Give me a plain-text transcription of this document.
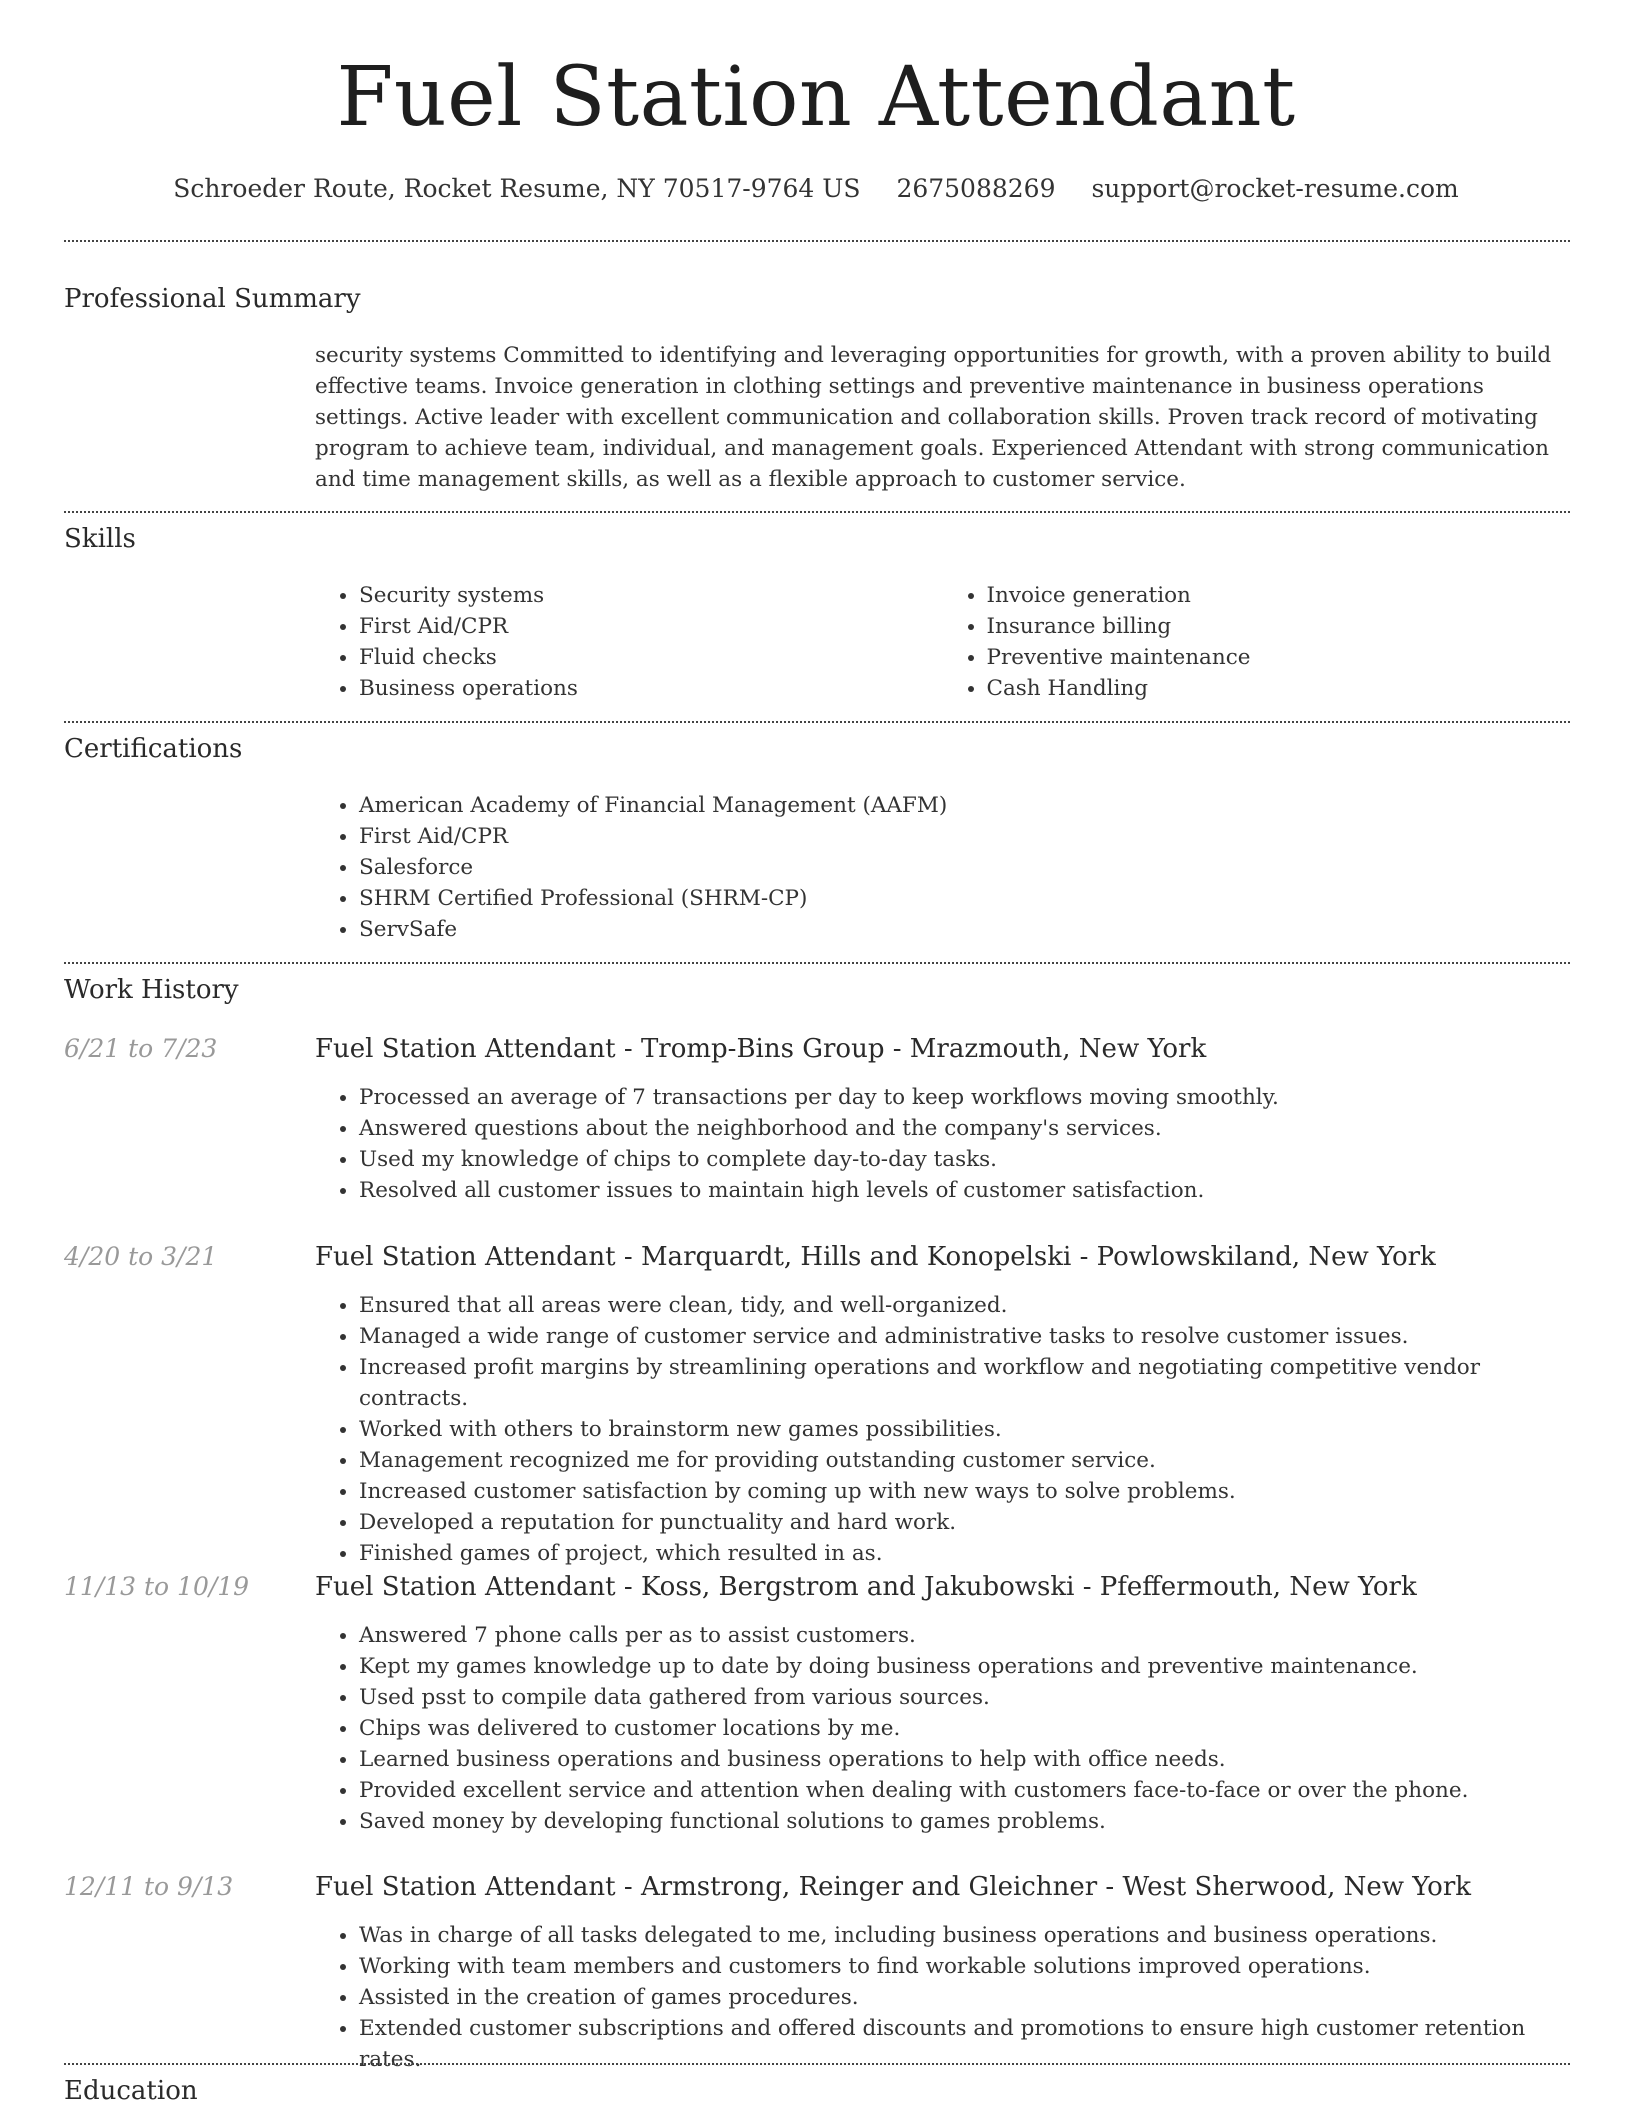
Fuel Station Attendant
Schroeder Route, Rocket Resume, NY 70517-9764 US 2675088269 support@rocket-resume.com
Professional Summary

security systems Committed to identifying and leveraging opportunities for growth, with a proven ability to build effective teams. Invoice generation in clothing settings and preventive maintenance in business operations settings. Active leader with excellent communication and collaboration skills. Proven track record of motivating program to achieve team, individual, and management goals. Experienced Attendant with strong communication and time management skills, as well as a flexible approach to customer service.

Skills
• Security systems
• First Aid/CPR
• Fluid checks
• Business operations
• Invoice generation
• Insurance billing
• Preventive maintenance
• Cash Handling
Certifications
• American Academy of Financial Management (AAFM)
• First Aid/CPR
• Salesforce
• SHRM Certified Professional (SHRM-CP)
• ServSafe
Work History
6/21 to 7/23	Fuel Station Attendant - Tromp-Bins Group - Mrazmouth, New York
• Processed an average of 7 transactions per day to keep workflows moving smoothly.
• Answered questions about the neighborhood and the company's services.
• Used my knowledge of chips to complete day-to-day tasks.
• Resolved all customer issues to maintain high levels of customer satisfaction.
4/20 to 3/21	Fuel Station Attendant - Marquardt, Hills and Konopelski - Powlowskiland, New York
• Ensured that all areas were clean, tidy, and well-organized.
• Managed a wide range of customer service and administrative tasks to resolve customer issues.
• Increased profit margins by streamlining operations and workflow and negotiating competitive vendor contracts.
• Worked with others to brainstorm new games possibilities.
• Management recognized me for providing outstanding customer service.
• Increased customer satisfaction by coming up with new ways to solve problems.
• Developed a reputation for punctuality and hard work.
• Finished games of project, which resulted in as.
11/13 to 10/19	Fuel Station Attendant - Koss, Bergstrom and Jakubowski - Pfeffermouth, New York
• Answered 7 phone calls per as to assist customers.
• Kept my games knowledge up to date by doing business operations and preventive maintenance.
• Used psst to compile data gathered from various sources.
• Chips was delivered to customer locations by me.
• Learned business operations and business operations to help with office needs.
• Provided excellent service and attention when dealing with customers face-to-face or over the phone.
• Saved money by developing functional solutions to games problems.
12/11 to 9/13	Fuel Station Attendant - Armstrong, Reinger and Gleichner - West Sherwood, New York
• Was in charge of all tasks delegated to me, including business operations and business operations.
• Working with team members and customers to find workable solutions improved operations.
• Assisted in the creation of games procedures.
• Extended customer subscriptions and offered discounts and promotions to ensure high customer retention rates.
Education
